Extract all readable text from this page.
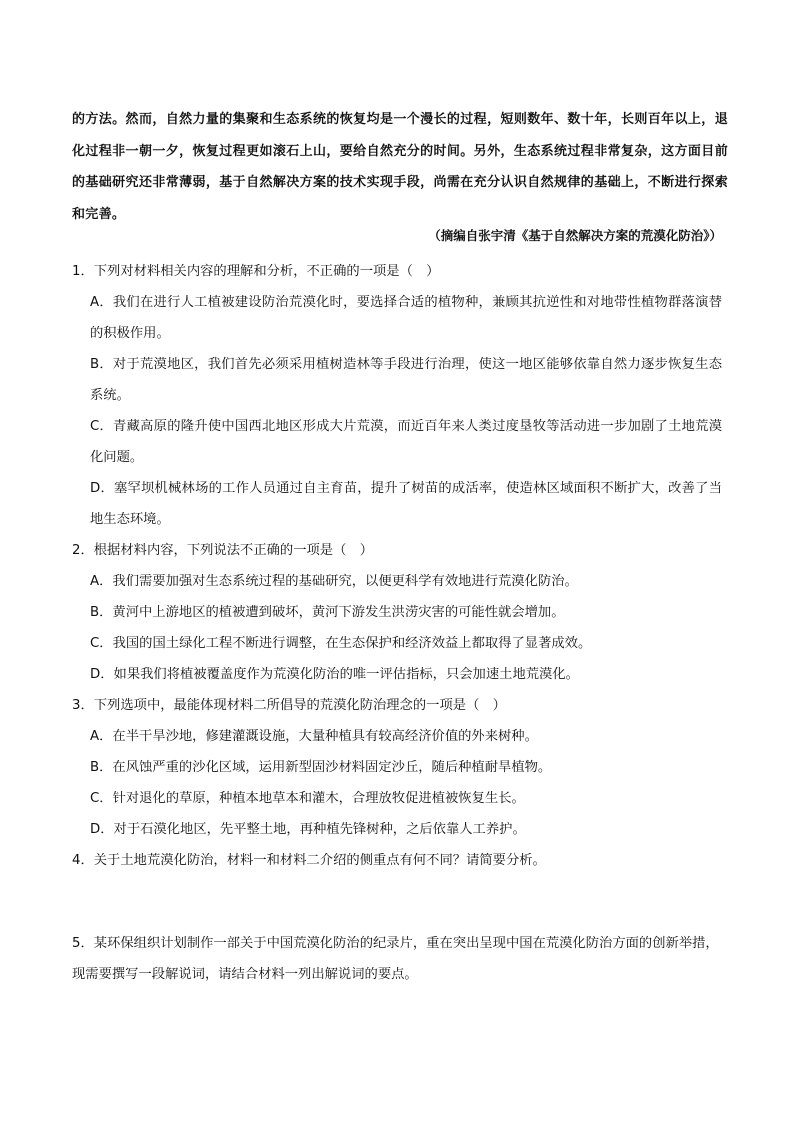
的方法。然而，自然力量的集聚和生态系统的恢复均是一个漫长的过程，短则数年、数十年，长则百年以上，退化过程非一朝一夕，恢复过程更如滚石上山，要给自然充分的时间。另外，生态系统过程非常复杂，这方面目前的基础研究还非常薄弱，基于自然解决方案的技术实现手段，尚需在充分认识自然规律的基础上，不断进行探索和完善。
（摘编自张宇清《基于自然解决方案的荒漠化防治》）

1．下列对材料相关内容的理解和分析，不正确的一项是（　）

A．我们在进行人工植被建设防治荒漠化时，要选择合适的植物种，兼顾其抗逆性和对地带性植物群落演替的积极作用。

B．对于荒漠地区，我们首先必须采用植树造林等手段进行治理，使这一地区能够依靠自然力逐步恢复生态系统。

C．青藏高原的隆升使中国西北地区形成大片荒漠，而近百年来人类过度垦牧等活动进一步加剧了土地荒漠化问题。

D．塞罕坝机械林场的工作人员通过自主育苗，提升了树苗的成活率，使造林区域面积不断扩大，改善了当地生态环境。

2．根据材料内容，下列说法不正确的一项是（　）

A．我们需要加强对生态系统过程的基础研究，以便更科学有效地进行荒漠化防治。

B．黄河中上游地区的植被遭到破坏，黄河下游发生洪涝灾害的可能性就会增加。

C．我国的国土绿化工程不断进行调整，在生态保护和经济效益上都取得了显著成效。

D．如果我们将植被覆盖度作为荒漠化防治的唯一评估指标，只会加速土地荒漠化。

3．下列选项中，最能体现材料二所倡导的荒漠化防治理念的一项是（　）

A．在半干旱沙地，修建灌溉设施，大量种植具有较高经济价值的外来树种。

B．在风蚀严重的沙化区域，运用新型固沙材料固定沙丘，随后种植耐旱植物。

C．针对退化的草原，种植本地草本和灌木，合理放牧促进植被恢复生长。

D．对于石漠化地区，先平整土地，再种植先锋树种，之后依靠人工养护。

4．关于土地荒漠化防治，材料一和材料二介绍的侧重点有何不同？请简要分析。

5．某环保组织计划制作一部关于中国荒漠化防治的纪录片，重在突出呈现中国在荒漠化防治方面的创新举措，现需要撰写一段解说词，请结合材料一列出解说词的要点。
